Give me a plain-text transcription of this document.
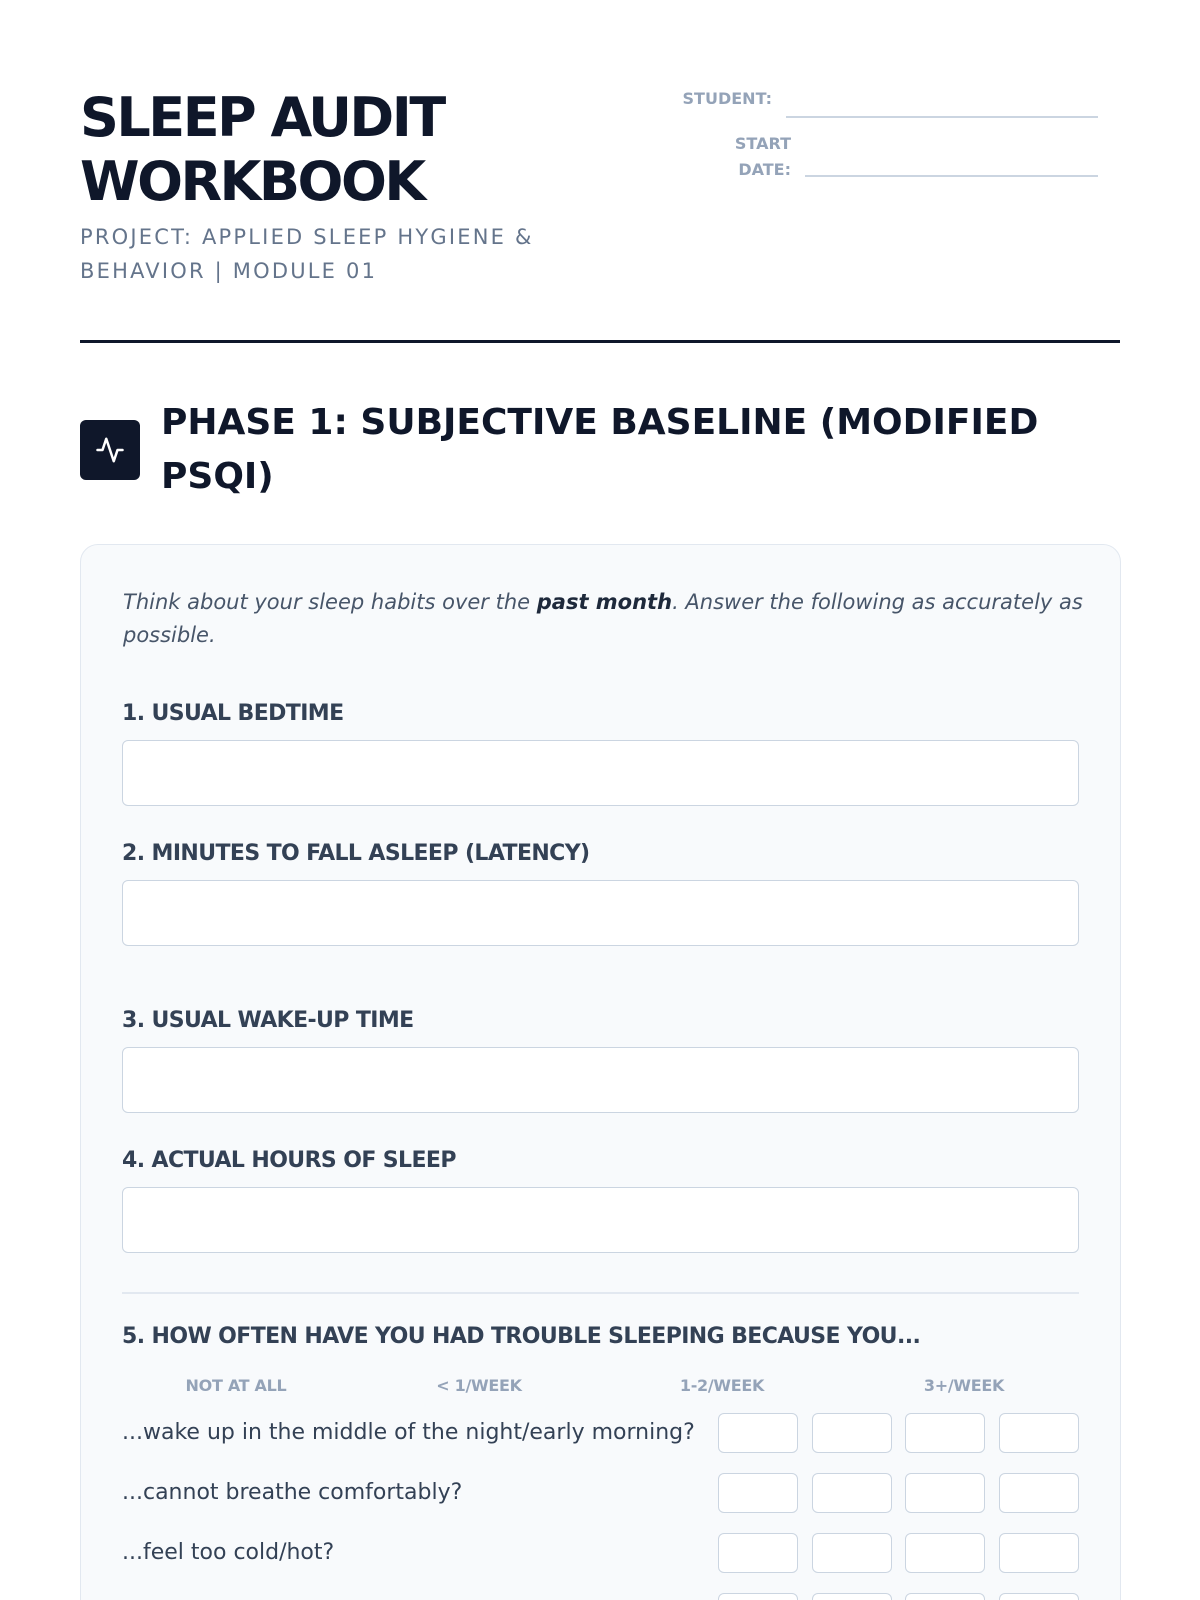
SLEEP AUDIT
WORKBOOK
PROJECT: APPLIED SLEEP HYGIENE & BEHAVIOR | MODULE 01
STUDENT:
START
DATE:
PHASE 1: SUBJECTIVE BASELINE (MODIFIED PSQI)

Think about your sleep habits over the past month. Answer the following as accurately as possible.

1. USUAL BEDTIME
2. MINUTES TO FALL ASLEEP (LATENCY)
3. USUAL WAKE-UP TIME
4. ACTUAL HOURS OF SLEEP
5. HOW OFTEN HAVE YOU HAD TROUBLE SLEEPING BECAUSE YOU...
NOT AT ALL	< 1/WEEK	1-2/WEEK	3+/WEEK
...wake up in the middle of the night/early morning?
...cannot breathe comfortably?
...feel too cold/hot?
